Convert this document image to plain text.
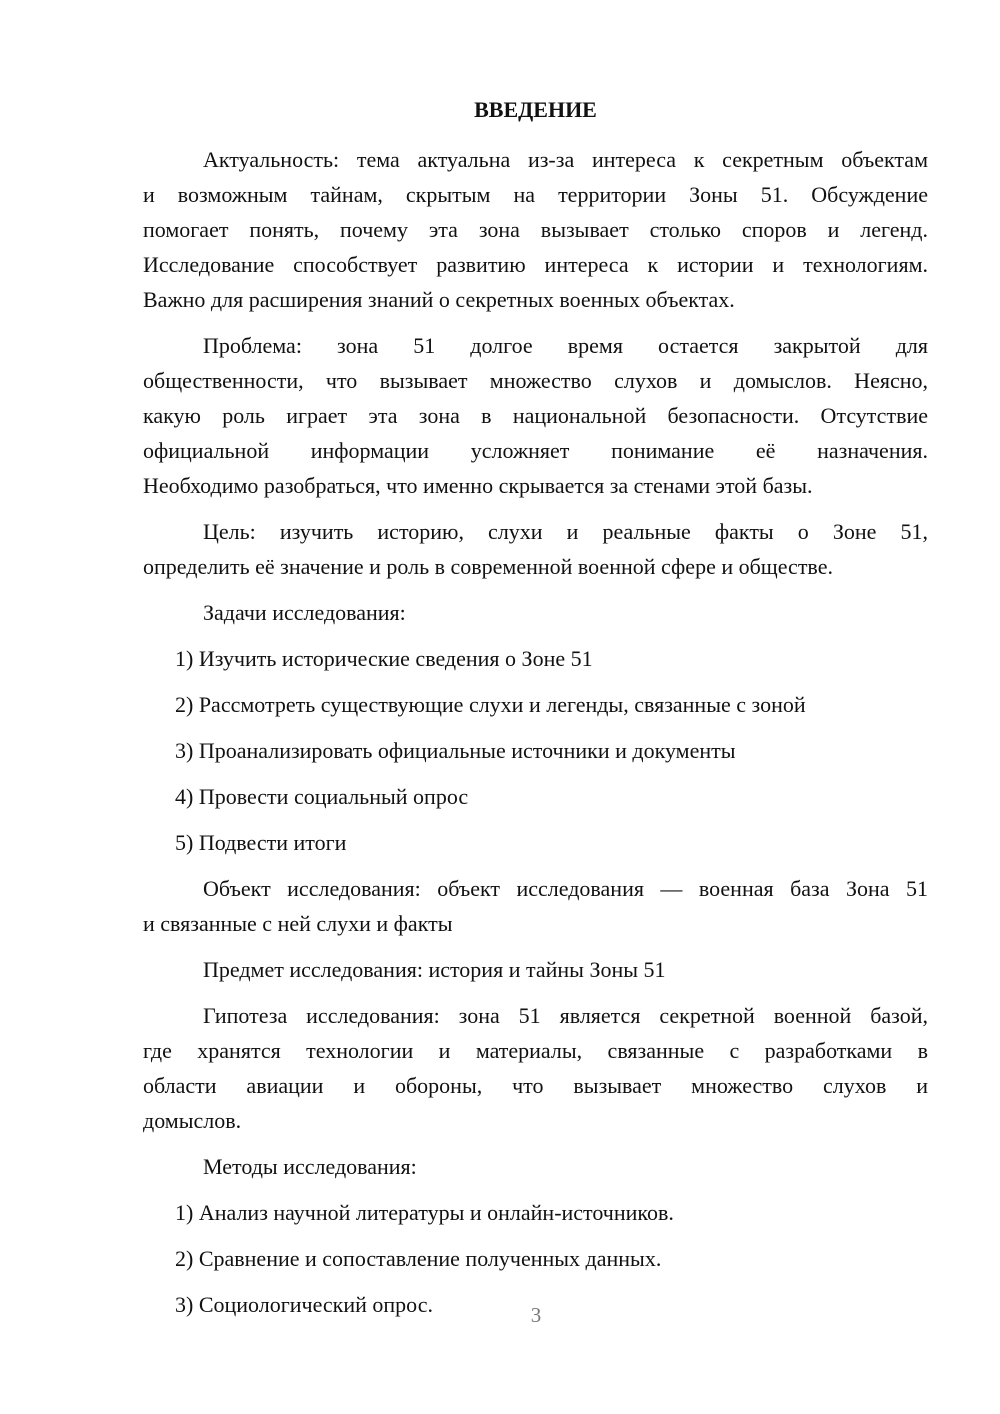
ВВЕДЕНИЕ
Актуальность: тема актуальна из-за интереса к секретным объектам
и возможным тайнам, скрытым на территории Зоны 51. Обсуждение
помогает понять, почему эта зона вызывает столько споров и легенд.
Исследование способствует развитию интереса к истории и технологиям.
Важно для расширения знаний о секретных военных объектах.
Проблема: зона 51 долгое время остается закрытой для
общественности, что вызывает множество слухов и домыслов. Неясно,
какую роль играет эта зона в национальной безопасности. Отсутствие
официальной информации усложняет понимание её назначения.
Необходимо разобраться, что именно скрывается за стенами этой базы.
Цель: изучить историю, слухи и реальные факты о Зоне 51,
определить её значение и роль в современной военной сфере и обществе.
Задачи исследования:
1) Изучить исторические сведения о Зоне 51
2) Рассмотреть существующие слухи и легенды, связанные с зоной
3) Проанализировать официальные источники и документы
4) Провести социальный опрос
5) Подвести итоги
Объект исследования: объект исследования — военная база Зона 51
и связанные с ней слухи и факты
Предмет исследования: история и тайны Зоны 51
Гипотеза исследования: зона 51 является секретной военной базой,
где хранятся технологии и материалы, связанные с разработками в
области авиации и обороны, что вызывает множество слухов и
домыслов.
Методы исследования:
1) Анализ научной литературы и онлайн-источников.
2) Сравнение и сопоставление полученных данных.
3) Социологический опрос.	3
